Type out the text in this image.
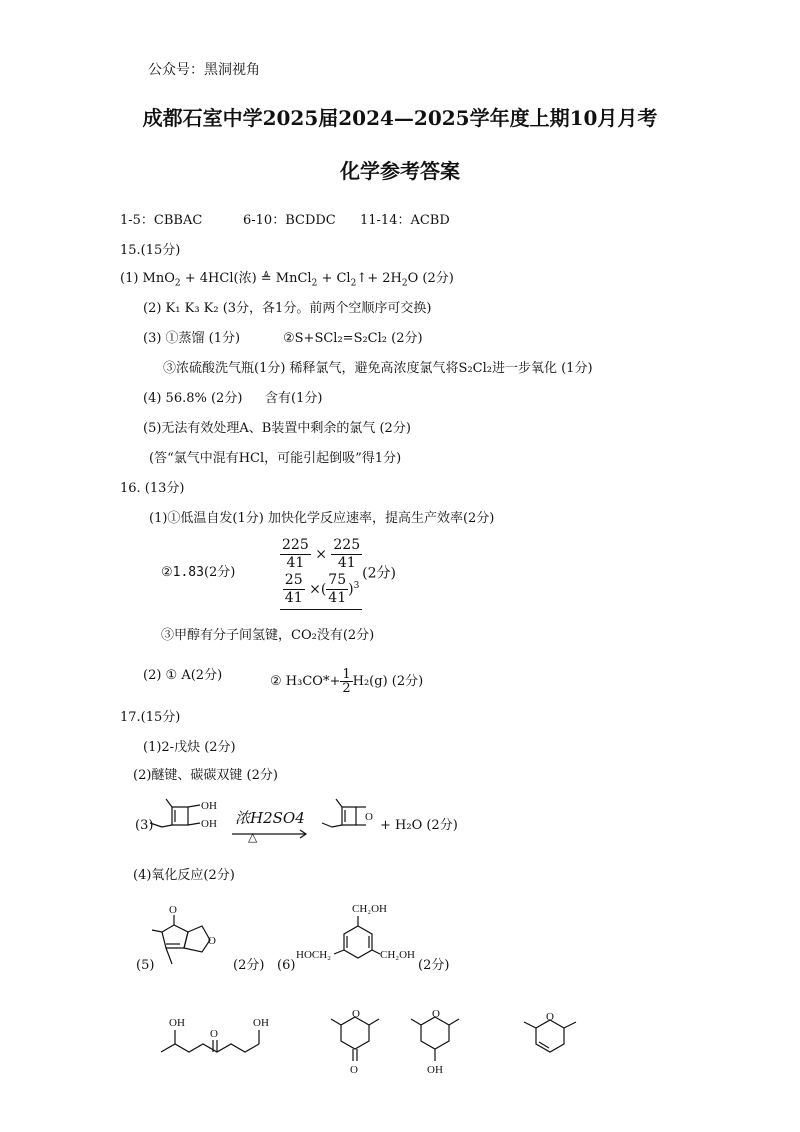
公众号：黑洞视角
成都石室中学2025届2024—2025学年度上期10月月考
化学参考答案
1-5：CBBAC	6-10：BCDDC 11-14：ACBD
15.(15分)
(1) MnO$_2$ + 4HCl(浓) ≜ MnCl$_2$ + $Cl_2↑+ 2H_2O$ (2分)
(2) K₁ K₃ K₂ (3分，各1分。前两个空顺序可交换)
(3) ①蒸馏 (1分)	②S+SCl₂=S₂Cl₂ (2分)
③浓硫酸洗气瓶(1分) 稀释氯气，避免高浓度氯气将S₂Cl₂进一步氧化 (1分)
(4) 56.8% (2分) 含有(1分)
(5)无法有效处理A、B装置中剩余的氯气 (2分)
(答“氯气中混有HCl，可能引起倒吸”得1分)
16. (13分)
(1)①低温自发(1分) 加快化学反应速率，提高生产效率(2分)
②1.83(2分)
$\frac{225}{41} \times \frac{225}{41}$

$\frac{25}{41}$ ×( $\frac{75}{41} )^3(2$分)
③甲醇有分子间氢键，CO₂没有(2分)
(2) ① A(2分)	② $H_3CO*+ \frac{1}{2} H_2(g)$ (2分)
17.(15分)
(1)2-戊炔 (2分)
(2)醚键、碳碳双键 (2分)
(3)	浓H2SO4
△
+ H₂O (2分)
(4)氧化反应(2分)
(5)	(2分) (6)	(2分)
OH
OH
O
O
O
CH₂OH
CH₂OH
HOCH₂
OH
O
OH
O
O
O
OH
O
